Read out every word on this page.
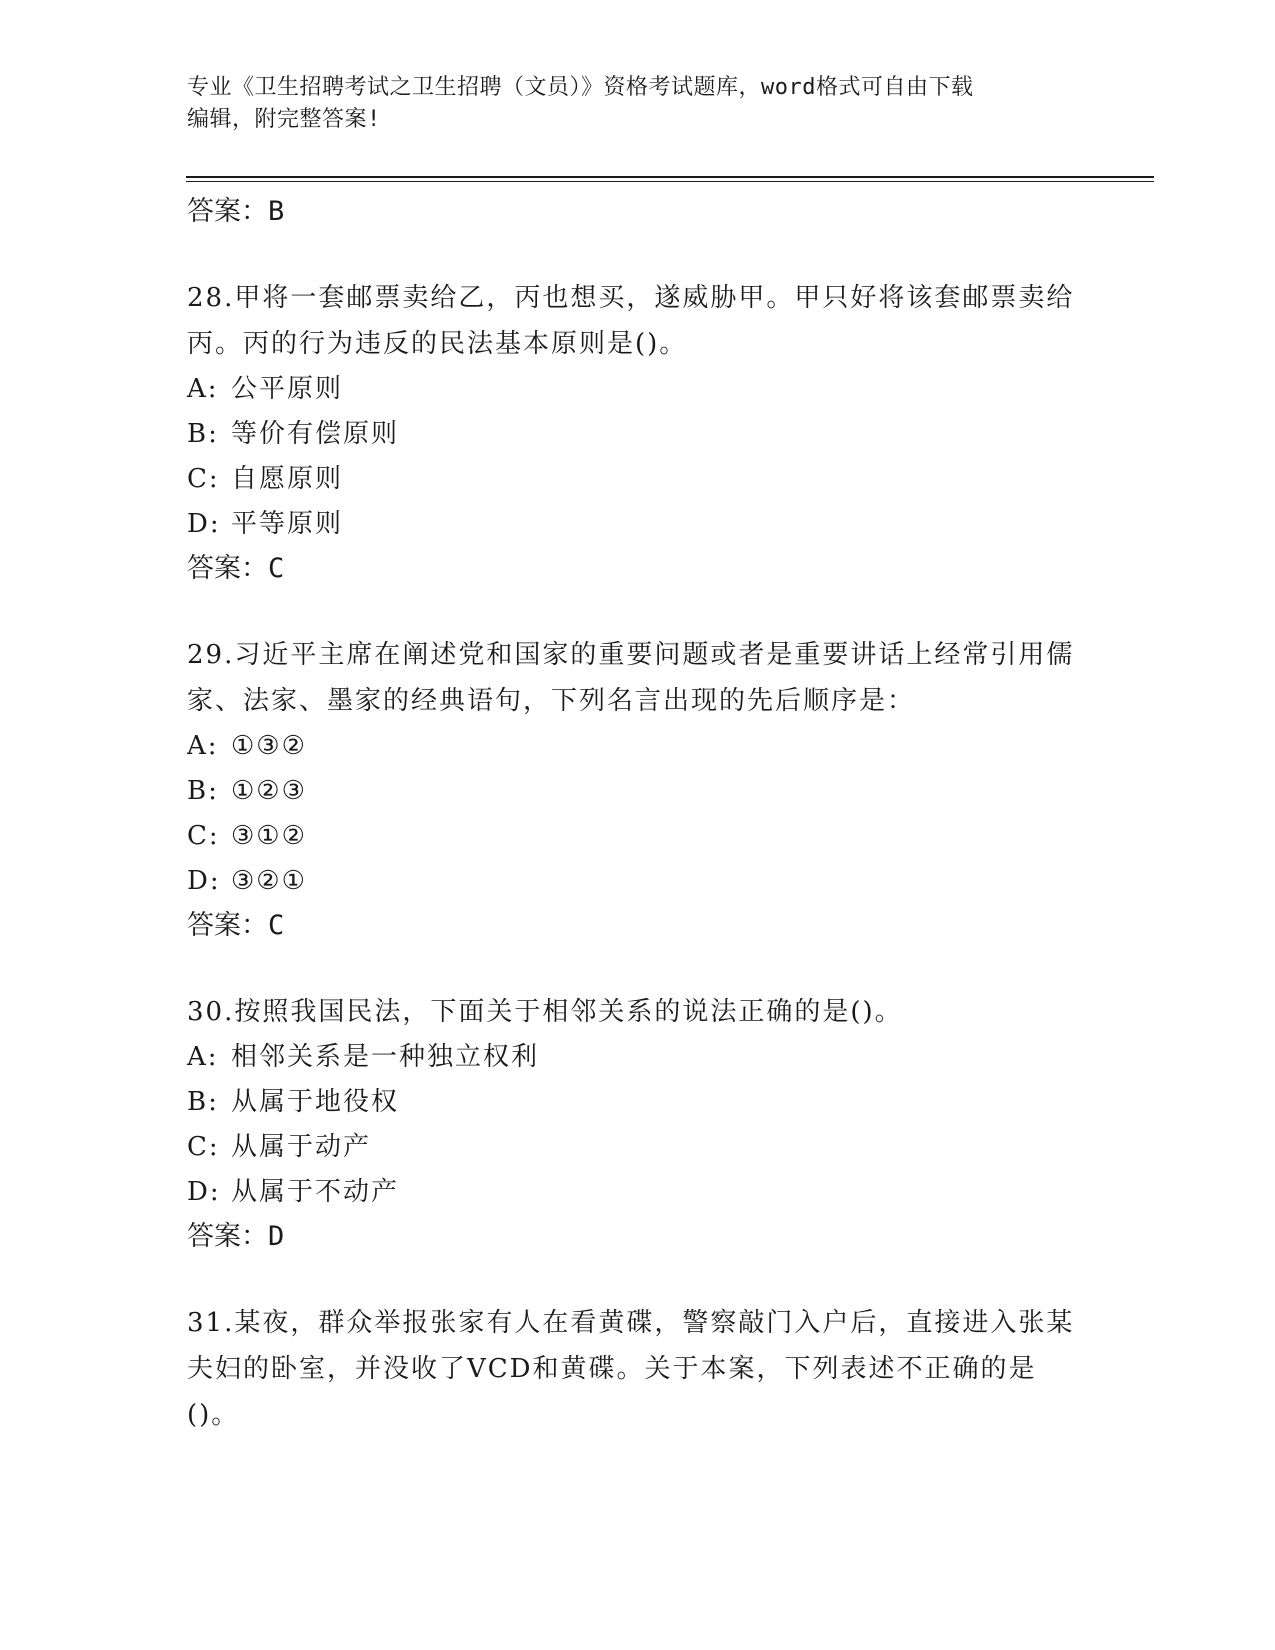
专业《卫生招聘考试之卫生招聘（文员）》资格考试题库，word格式可自由下载
编辑，附完整答案!
答案：B
28.甲将一套邮票卖给乙，丙也想买，遂威胁甲。甲只好将该套邮票卖给丙。丙的行为违反的民法基本原则是()。
A: 公平原则
B: 等价有偿原则
C: 自愿原则
D: 平等原则
答案：C
29.习近平主席在阐述党和国家的重要问题或者是重要讲话上经常引用儒家、法家、墨家的经典语句，下列名言出现的先后顺序是：
A: ①③②
B: ①②③
C: ③①②
D: ③②①
答案：C
30.按照我国民法，下面关于相邻关系的说法正确的是()。
A: 相邻关系是一种独立权利
B: 从属于地役权
C: 从属于动产
D: 从属于不动产
答案：D
31.某夜，群众举报张家有人在看黄碟，警察敲门入户后，直接进入张某夫妇的卧室，并没收了VCD和黄碟。关于本案，下列表述不正确的是()。
